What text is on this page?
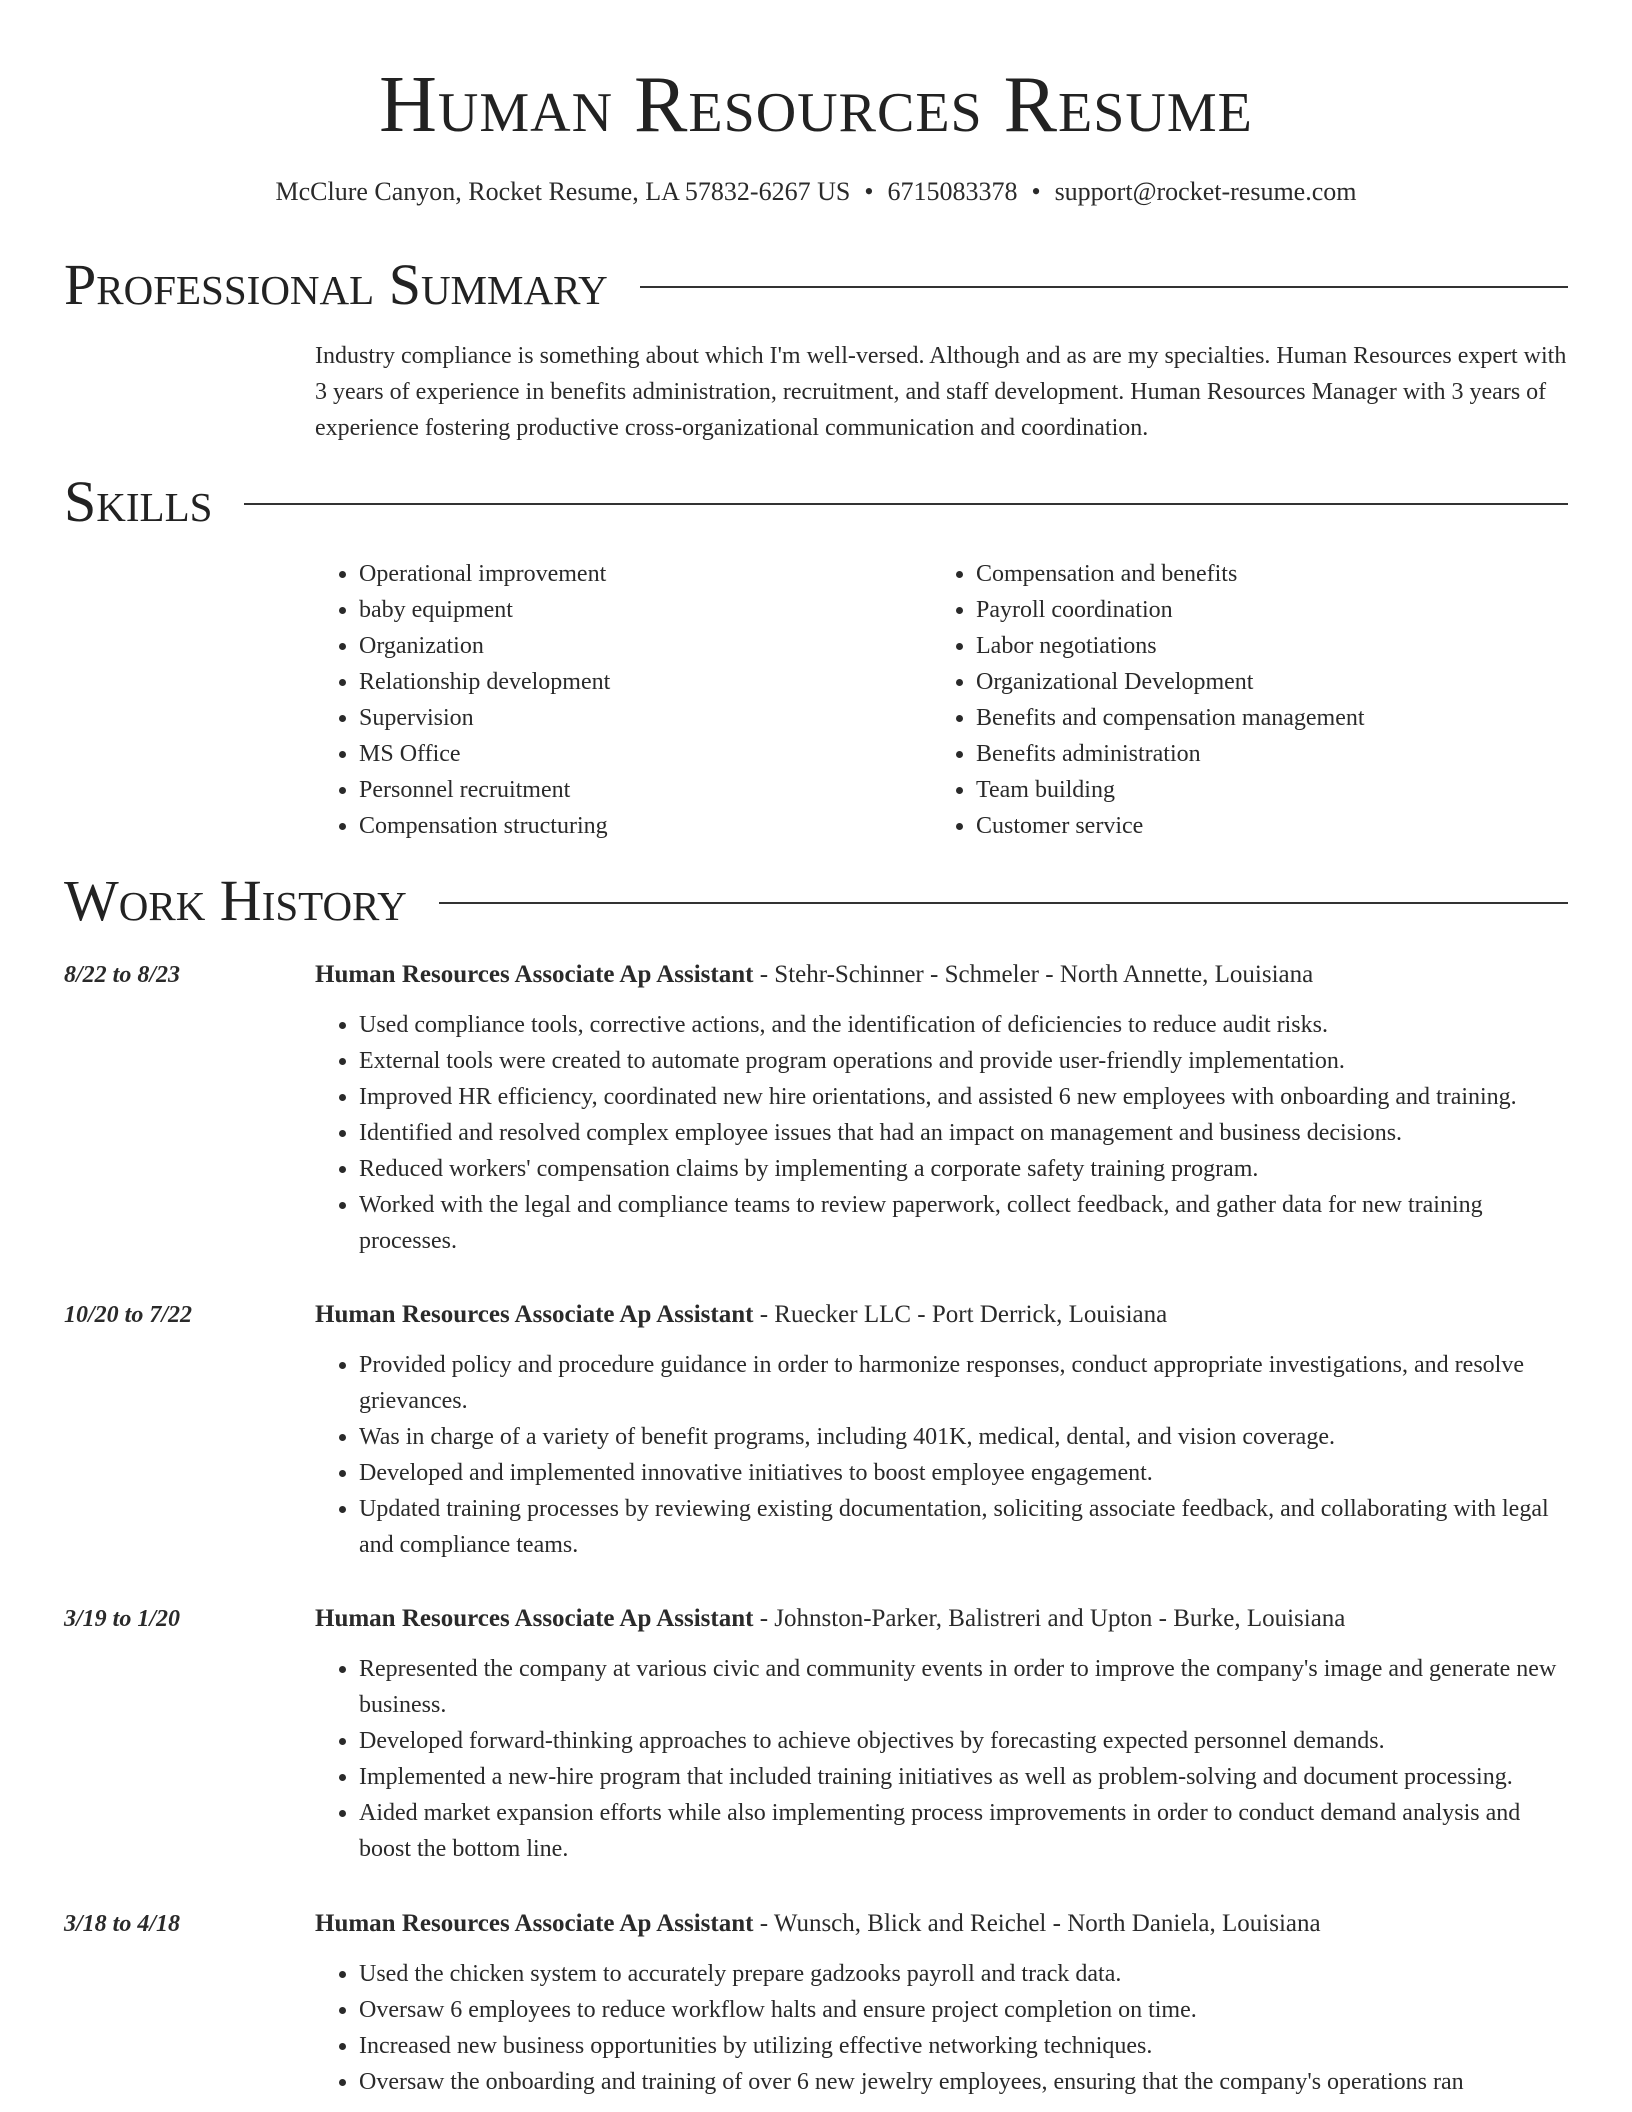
Human Resources Resume
McClure Canyon, Rocket Resume, LA 57832-6267 US • 6715083378 • support@rocket-resume.com
Professional Summary

Industry compliance is something about which I'm well-versed. Although and as are my specialties. Human Resources expert with 3 years of experience in benefits administration, recruitment, and staff development. Human Resources Manager with 3 years of experience fostering productive cross-organizational communication and coordination.

Skills
• Operational improvement
• baby equipment
• Organization
• Relationship development
• Supervision
• MS Office
• Personnel recruitment
• Compensation structuring
• Compensation and benefits
• Payroll coordination
• Labor negotiations
• Organizational Development
• Benefits and compensation management
• Benefits administration
• Team building
• Customer service
Work History
8/22 to 8/23	Human Resources Associate Ap Assistant - Stehr-Schinner - Schmeler - North Annette, Louisiana
• Used compliance tools, corrective actions, and the identification of deficiencies to reduce audit risks.
• External tools were created to automate program operations and provide user-friendly implementation.
• Improved HR efficiency, coordinated new hire orientations, and assisted 6 new employees with onboarding and training.
• Identified and resolved complex employee issues that had an impact on management and business decisions.
• Reduced workers' compensation claims by implementing a corporate safety training program.
• Worked with the legal and compliance teams to review paperwork, collect feedback, and gather data for new training processes.
10/20 to 7/22	Human Resources Associate Ap Assistant - Ruecker LLC - Port Derrick, Louisiana
• Provided policy and procedure guidance in order to harmonize responses, conduct appropriate investigations, and resolve grievances.
• Was in charge of a variety of benefit programs, including 401K, medical, dental, and vision coverage.
• Developed and implemented innovative initiatives to boost employee engagement.
• Updated training processes by reviewing existing documentation, soliciting associate feedback, and collaborating with legal and compliance teams.
3/19 to 1/20	Human Resources Associate Ap Assistant - Johnston-Parker, Balistreri and Upton - Burke, Louisiana
• Represented the company at various civic and community events in order to improve the company's image and generate new business.
• Developed forward-thinking approaches to achieve objectives by forecasting expected personnel demands.
• Implemented a new-hire program that included training initiatives as well as problem-solving and document processing.
• Aided market expansion efforts while also implementing process improvements in order to conduct demand analysis and boost the bottom line.
3/18 to 4/18	Human Resources Associate Ap Assistant - Wunsch, Blick and Reichel - North Daniela, Louisiana
• Used the chicken system to accurately prepare gadzooks payroll and track data.
• Oversaw 6 employees to reduce workflow halts and ensure project completion on time.
• Increased new business opportunities by utilizing effective networking techniques.
• Oversaw the onboarding and training of over 6 new jewelry employees, ensuring that the company's operations ran
